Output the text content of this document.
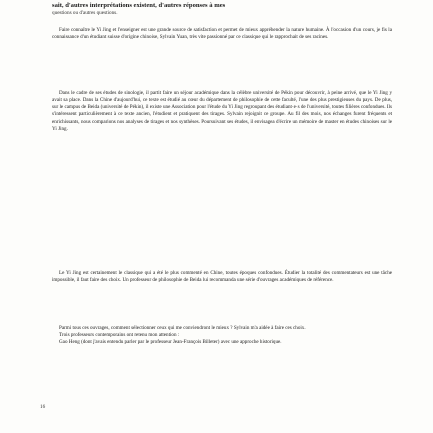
sait, d'autres interprétations existent, d'autres réponses à mes
questions ou d'autres questions.

Faire connaître le Yi Jing et l'enseigner est une grande source de satisfaction et permet de mieux appréhender la nature humaine. À l'occasion d'un cours, je fis la connaissance d'un étudiant suisse d'origine chinoise, Sylvain Yuan, très vite passionné par ce classique qui le rapprochait de ses racines.

Dans le cadre de ses études de sinologie, il partit faire un séjour académique dans la célèbre université de Pékin pour découvrir, à peine arrivé, que le Yi Jing y avait sa place. Dans la Chine d'aujourd'hui, ce texte est étudié au cœur du département de philosophie de cette faculté, l'une des plus prestigieuses du pays. De plus, sur le campus de Beida (université de Pékin), il existe une Association pour l'étude du Yi Jing regroupant des étudiant·e·s de l'université, toutes filières confondues. Ils s'intéressent particulièrement à ce texte ancien, l'étudient et pratiquent des tirages. Sylvain rejoignit ce groupe. Au fil des mois, nos échanges furent fréquents et enrichissants, nous comparions nos analyses de tirages et nos synthèses. Poursuivant ses études, il envisagea d'écrire un mémoire de master en études chinoises sur le Yi Jing.

Le Yi Jing est certainement le classique qui a été le plus commenté en Chine, toutes époques confondues. Étudier la totalité des commentateurs est une tâche impossible, il faut faire des choix. Un professeur de philosophie de Beida lui recommanda une série d'ouvrages académiques de référence.

Parmi tous ces ouvrages, comment sélectionner ceux qui me conviendront le mieux ? Sylvain m'a aidée à faire ces choix.
Trois professeurs contemporains ont retenu mon attention :
Gao Heng (dont j'avais entendu parler par le professeur Jean-François Billeter) avec une approche historique.
16
